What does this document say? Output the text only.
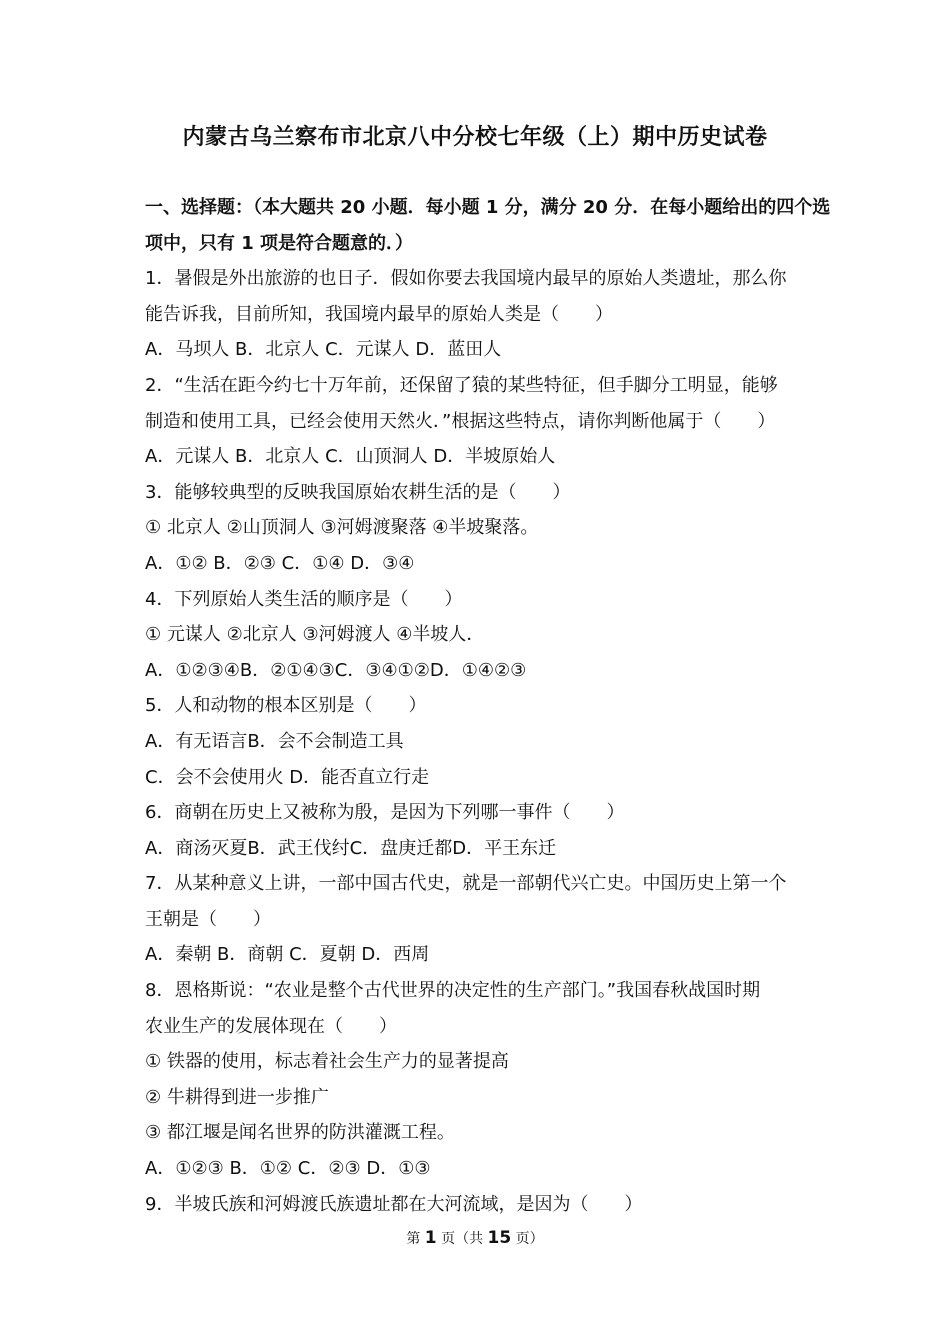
内蒙古乌兰察布市北京八中分校七年级（上）期中历史试卷
一、选择题：（本大题共 20 小题．每小题 1 分，满分 20 分．在每小题给出的四个选
项中，只有 1 项是符合题意的．）
1．暑假是外出旅游的也日子．假如你要去我国境内最早的原始人类遗址，那么你
能告诉我，目前所知，我国境内最早的原始人类是（　　）
A．马坝人 B．北京人 C．元谋人 D．蓝田人
2．“生活在距今约七十万年前，还保留了猿的某些特征，但手脚分工明显，能够
制造和使用工具，已经会使用天然火．”根据这些特点，请你判断他属于（　　）
A．元谋人 B．北京人 C．山顶洞人 D．半坡原始人
3．能够较典型的反映我国原始农耕生活的是（　　）
① 北京人 ②山顶洞人 ③河姆渡聚落 ④半坡聚落。
A．①② B．②③ C．①④ D．③④
4．下列原始人类生活的顺序是（　　）
① 元谋人 ②北京人 ③河姆渡人 ④半坡人．
A．①②③④B．②①④③C．③④①②D．①④②③
5．人和动物的根本区别是（　　）
A．有无语言B．会不会制造工具
C．会不会使用火 D．能否直立行走
6．商朝在历史上又被称为殷，是因为下列哪一事件（　　）
A．商汤灭夏B．武王伐纣C．盘庚迁都D．平王东迁
7．从某种意义上讲，一部中国古代史，就是一部朝代兴亡史。中国历史上第一个
王朝是（　　）
A．秦朝 B．商朝 C．夏朝 D．西周
8．恩格斯说：“农业是整个古代世界的决定性的生产部门。”我国春秋战国时期
农业生产的发展体现在（　　）
① 铁器的使用，标志着社会生产力的显著提高
② 牛耕得到进一步推广
③ 都江堰是闻名世界的防洪灌溉工程。
A．①②③ B．①② C．②③ D．①③
9．半坡氏族和河姆渡氏族遗址都在大河流域，是因为（　　）
第 1 页（共 15 页）
